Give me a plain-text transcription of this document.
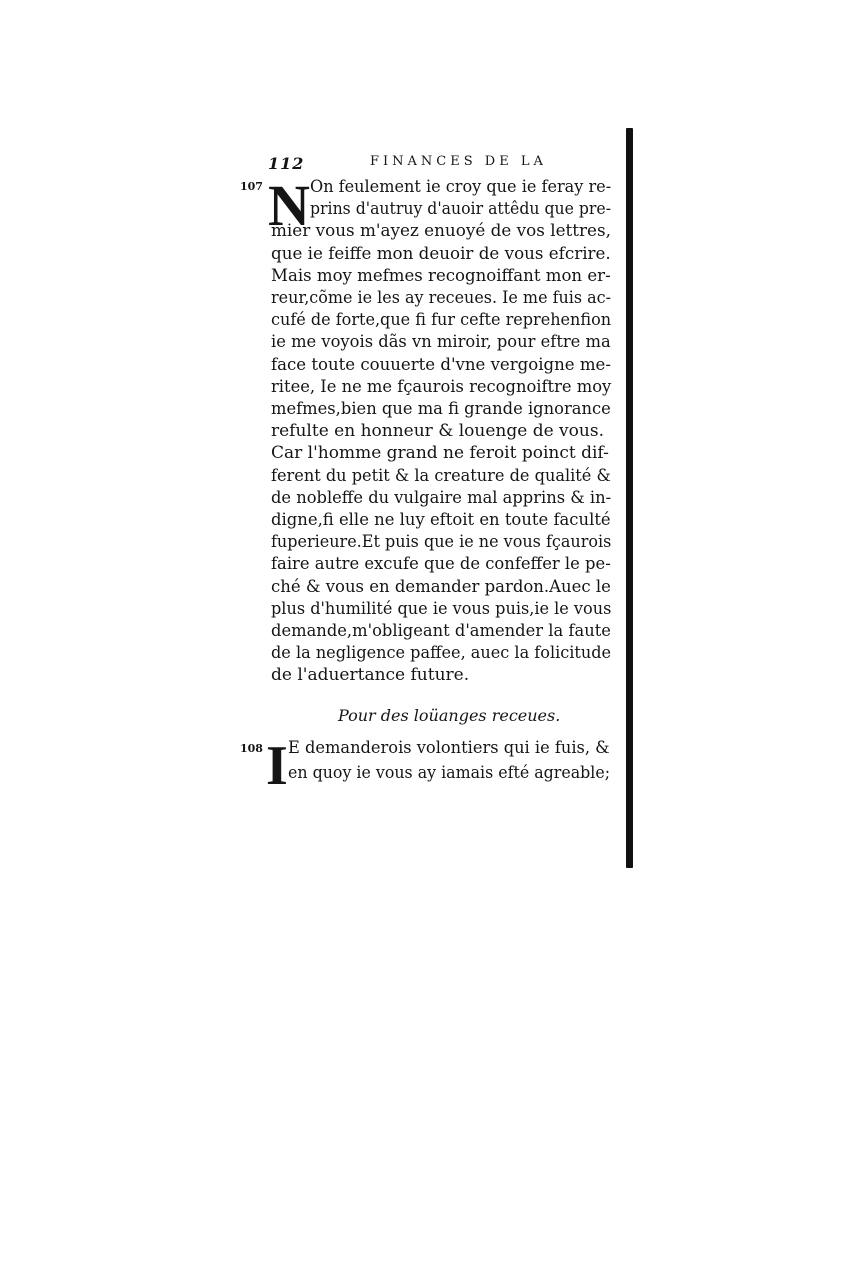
112	FINANCES DE LA
107 N On feulement ie croy que ie feray re-
prins d'autruy d'auoir attêdu que pre-
mier vous m'ayez enuoyé de vos lettres,
que ie feiffe mon deuoir de vous efcrire.
Mais moy mefmes recognoiffant mon er-
reur,cõme ie les ay receues. Ie me fuis ac-
cufé de forte,que fi fur cefte reprehenfion
ie me voyois dãs vn miroir, pour eftre ma
face toute couuerte d'vne vergoigne me-
ritee, Ie ne me fçaurois recognoiftre moy
mefmes,bien que ma fi grande ignorance
refulte en honneur & louenge de vous.
Car l'homme grand ne feroit poinct dif-
ferent du petit & la creature de qualité &
de nobleffe du vulgaire mal apprins & in-
digne,fi elle ne luy eftoit en toute faculté
fuperieure.Et puis que ie ne vous fçaurois
faire autre excufe que de confeffer le pe-
ché & vous en demander pardon.Auec le
plus d'humilité que ie vous puis,ie le vous
demande,m'obligeant d'amender la faute
de la negligence paffee, auec la folicitude
de l'aduertance future.
Pour des loüanges receues.
108 I E demanderois volontiers qui ie fuis, &
en quoy ie vous ay iamais efté agreable;
